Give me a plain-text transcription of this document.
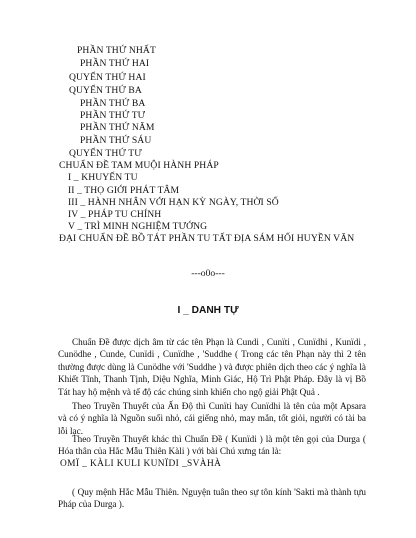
PHẦN THỨ NHẤT
PHẦN THỨ HAI
QUYỂN THỨ HAI
QUYỂN THỨ BA
PHẦN THỨ BA
PHẦN THỨ TƯ
PHẦN THỨ NĂM
PHẦN THỨ SÁU
QUYỂN THỨ TƯ
CHUẨN ĐỀ TAM MUỘI HÀNH PHÁP
I _ KHUYẾN TU
II _ THỌ GIỚI PHÁT TÂM
III _ HÀNH NHÂN VỚI HẠN KỲ NGÀY, THỜI SỐ
IV _ PHÁP TU CHÍNH
V _ TRÌ MINH NGHIỆM TƯỚNG
ĐẠI CHUẨN ĐỀ BỒ TÁT PHẦN TU TẤT ĐỊA SÁM HỐI HUYỀN VĂN
---o0o---
I _ DANH TỰ
Chuẩn Đề được dịch âm từ các tên Phạn là Cundi , Cunïti , Cunïdhi , Kunïdi , Cunödhe , Cunde, Cunïdi , Cunïdhe , 'Suddhe ( Trong các tên Phạn này thì 2 tên thường được dùng là Cunödhe với 'Suddhe ) và được phiên dịch theo các ý nghĩa là Khiết Tĩnh, Thanh Tịnh, Diệu Nghĩa, Minh Giác, Hộ Trì Phật Pháp. Đây là vị Bồ Tát hay hộ mệnh và tế độ các chúng sinh khiến cho ngộ giải Phật Quả .
Theo Truyền Thuyết của Ấn Độ thì Cunïti hay Cunïdhi là tên của một Apsara và có ý nghĩa là Nguồn suối nhỏ, cái giếng nhỏ, may mắn, tốt giỏi, người có tài ba lỗi lạc.
Theo Truyền Thuyết khác thì Chuẩn Đề ( Kunïdi ) là một tên gọi của Durga ( Hóa thân của Hắc Mẫu Thiên Kàli ) với bài Chú xưng tán là:
OMÏ _ KÀLI KULI KUNÏDI _SVÀHÀ
( Quy mệnh Hắc Mẫu Thiên. Nguyện tuân theo sự tôn kính 'Sakti mà thành tựu Pháp của Durga ).
